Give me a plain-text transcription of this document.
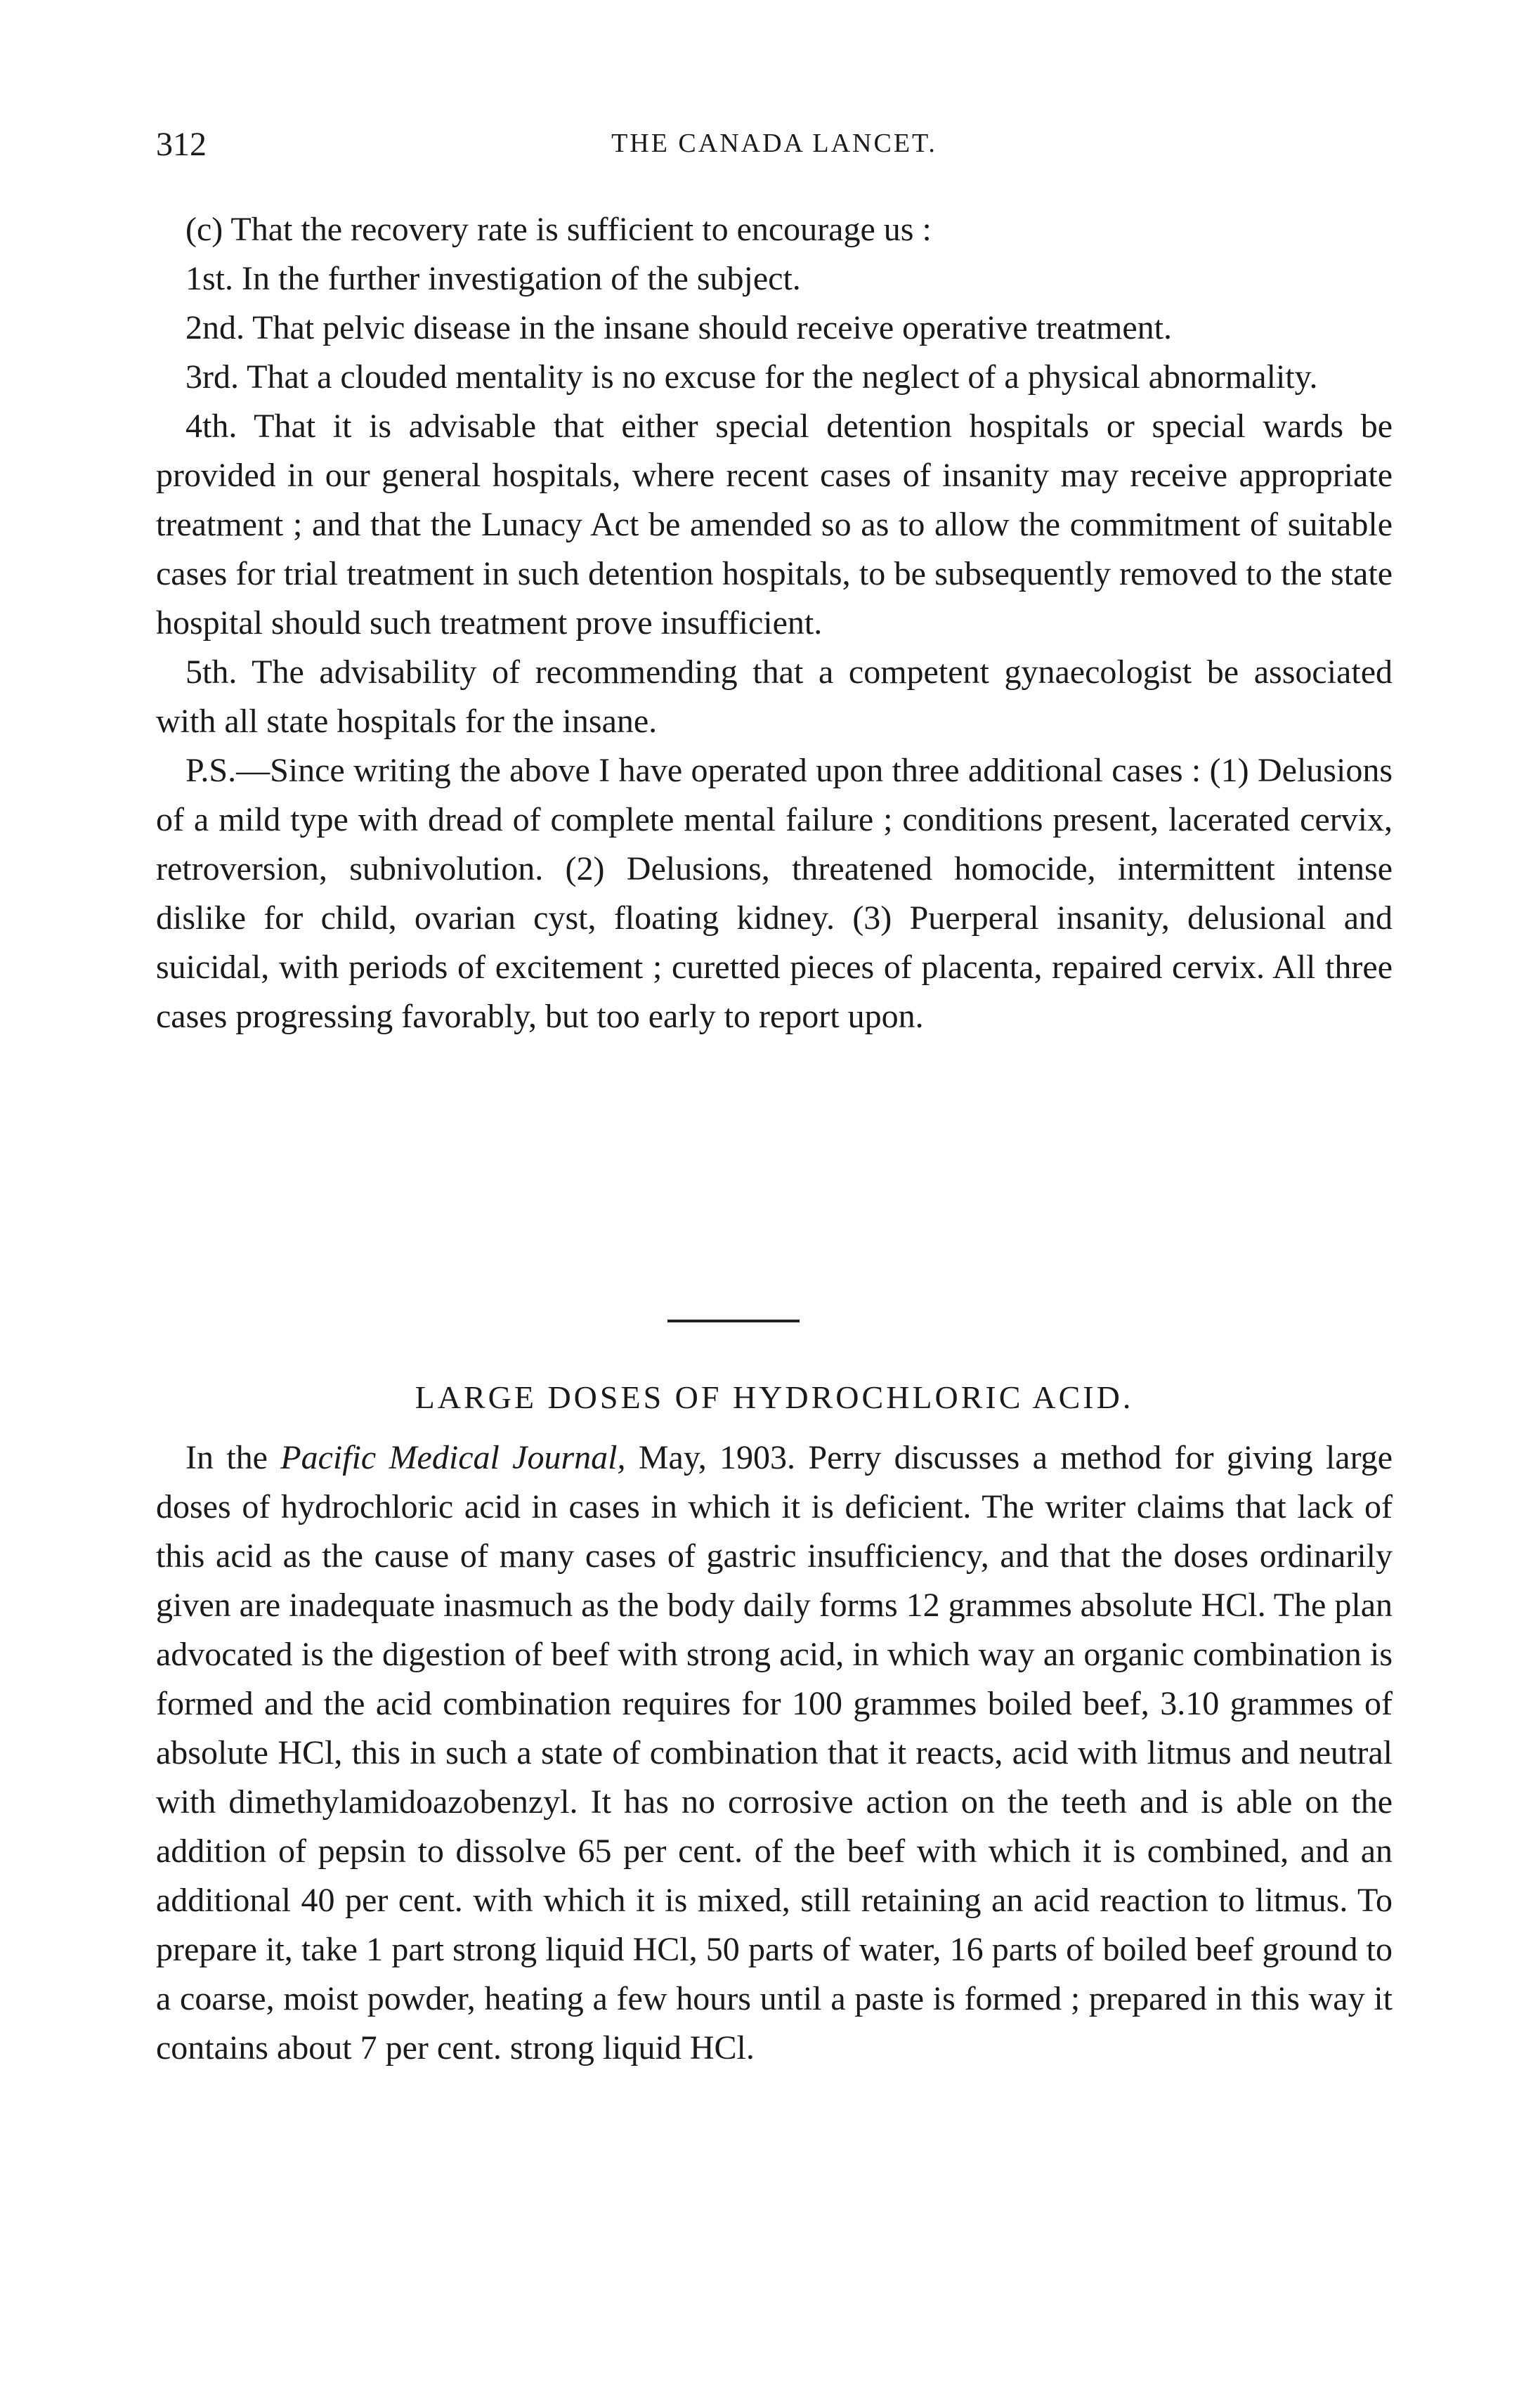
312	THE CANADA LANCET.

(c) That the recovery rate is sufficient to encourage us :

1st. In the further investigation of the subject.

2nd. That pelvic disease in the insane should receive operative treatment.

3rd. That a clouded mentality is no excuse for the neglect of a physical abnormality.

4th. That it is advisable that either special detention hospitals or special wards be provided in our general hospitals, where recent cases of insanity may receive appropriate treatment ; and that the Lunacy Act be amended so as to allow the commitment of suitable cases for trial treatment in such detention hospitals, to be subsequently removed to the state hospital should such treatment prove insufficient.

5th. The advisability of recommending that a competent gynaecologist be associated with all state hospitals for the insane.

P.S.—Since writing the above I have operated upon three additional cases : (1) Delusions of a mild type with dread of complete mental failure ; conditions present, lacerated cervix, retroversion, subnivolution. (2) Delusions, threatened homocide, intermittent intense dislike for child, ovarian cyst, floating kidney. (3) Puerperal insanity, delusional and suicidal, with periods of excitement ; curetted pieces of placenta, repaired cervix. All three cases progressing favorably, but too early to report upon.

LARGE DOSES OF HYDROCHLORIC ACID.

In the Pacific Medical Journal, May, 1903. Perry discusses a method for giving large doses of hydrochloric acid in cases in which it is deficient. The writer claims that lack of this acid as the cause of many cases of gastric insufficiency, and that the doses ordinarily given are inadequate inasmuch as the body daily forms 12 grammes absolute HCl. The plan advocated is the digestion of beef with strong acid, in which way an organic combination is formed and the acid combination requires for 100 grammes boiled beef, 3.10 grammes of absolute HCl, this in such a state of combination that it reacts, acid with litmus and neutral with dimethylamidoazobenzyl. It has no corrosive action on the teeth and is able on the addition of pepsin to dissolve 65 per cent. of the beef with which it is combined, and an additional 40 per cent. with which it is mixed, still retaining an acid reaction to litmus. To prepare it, take 1 part strong liquid HCl, 50 parts of water, 16 parts of boiled beef ground to a coarse, moist powder, heating a few hours until a paste is formed ; prepared in this way it contains about 7 per cent. strong liquid HCl.
